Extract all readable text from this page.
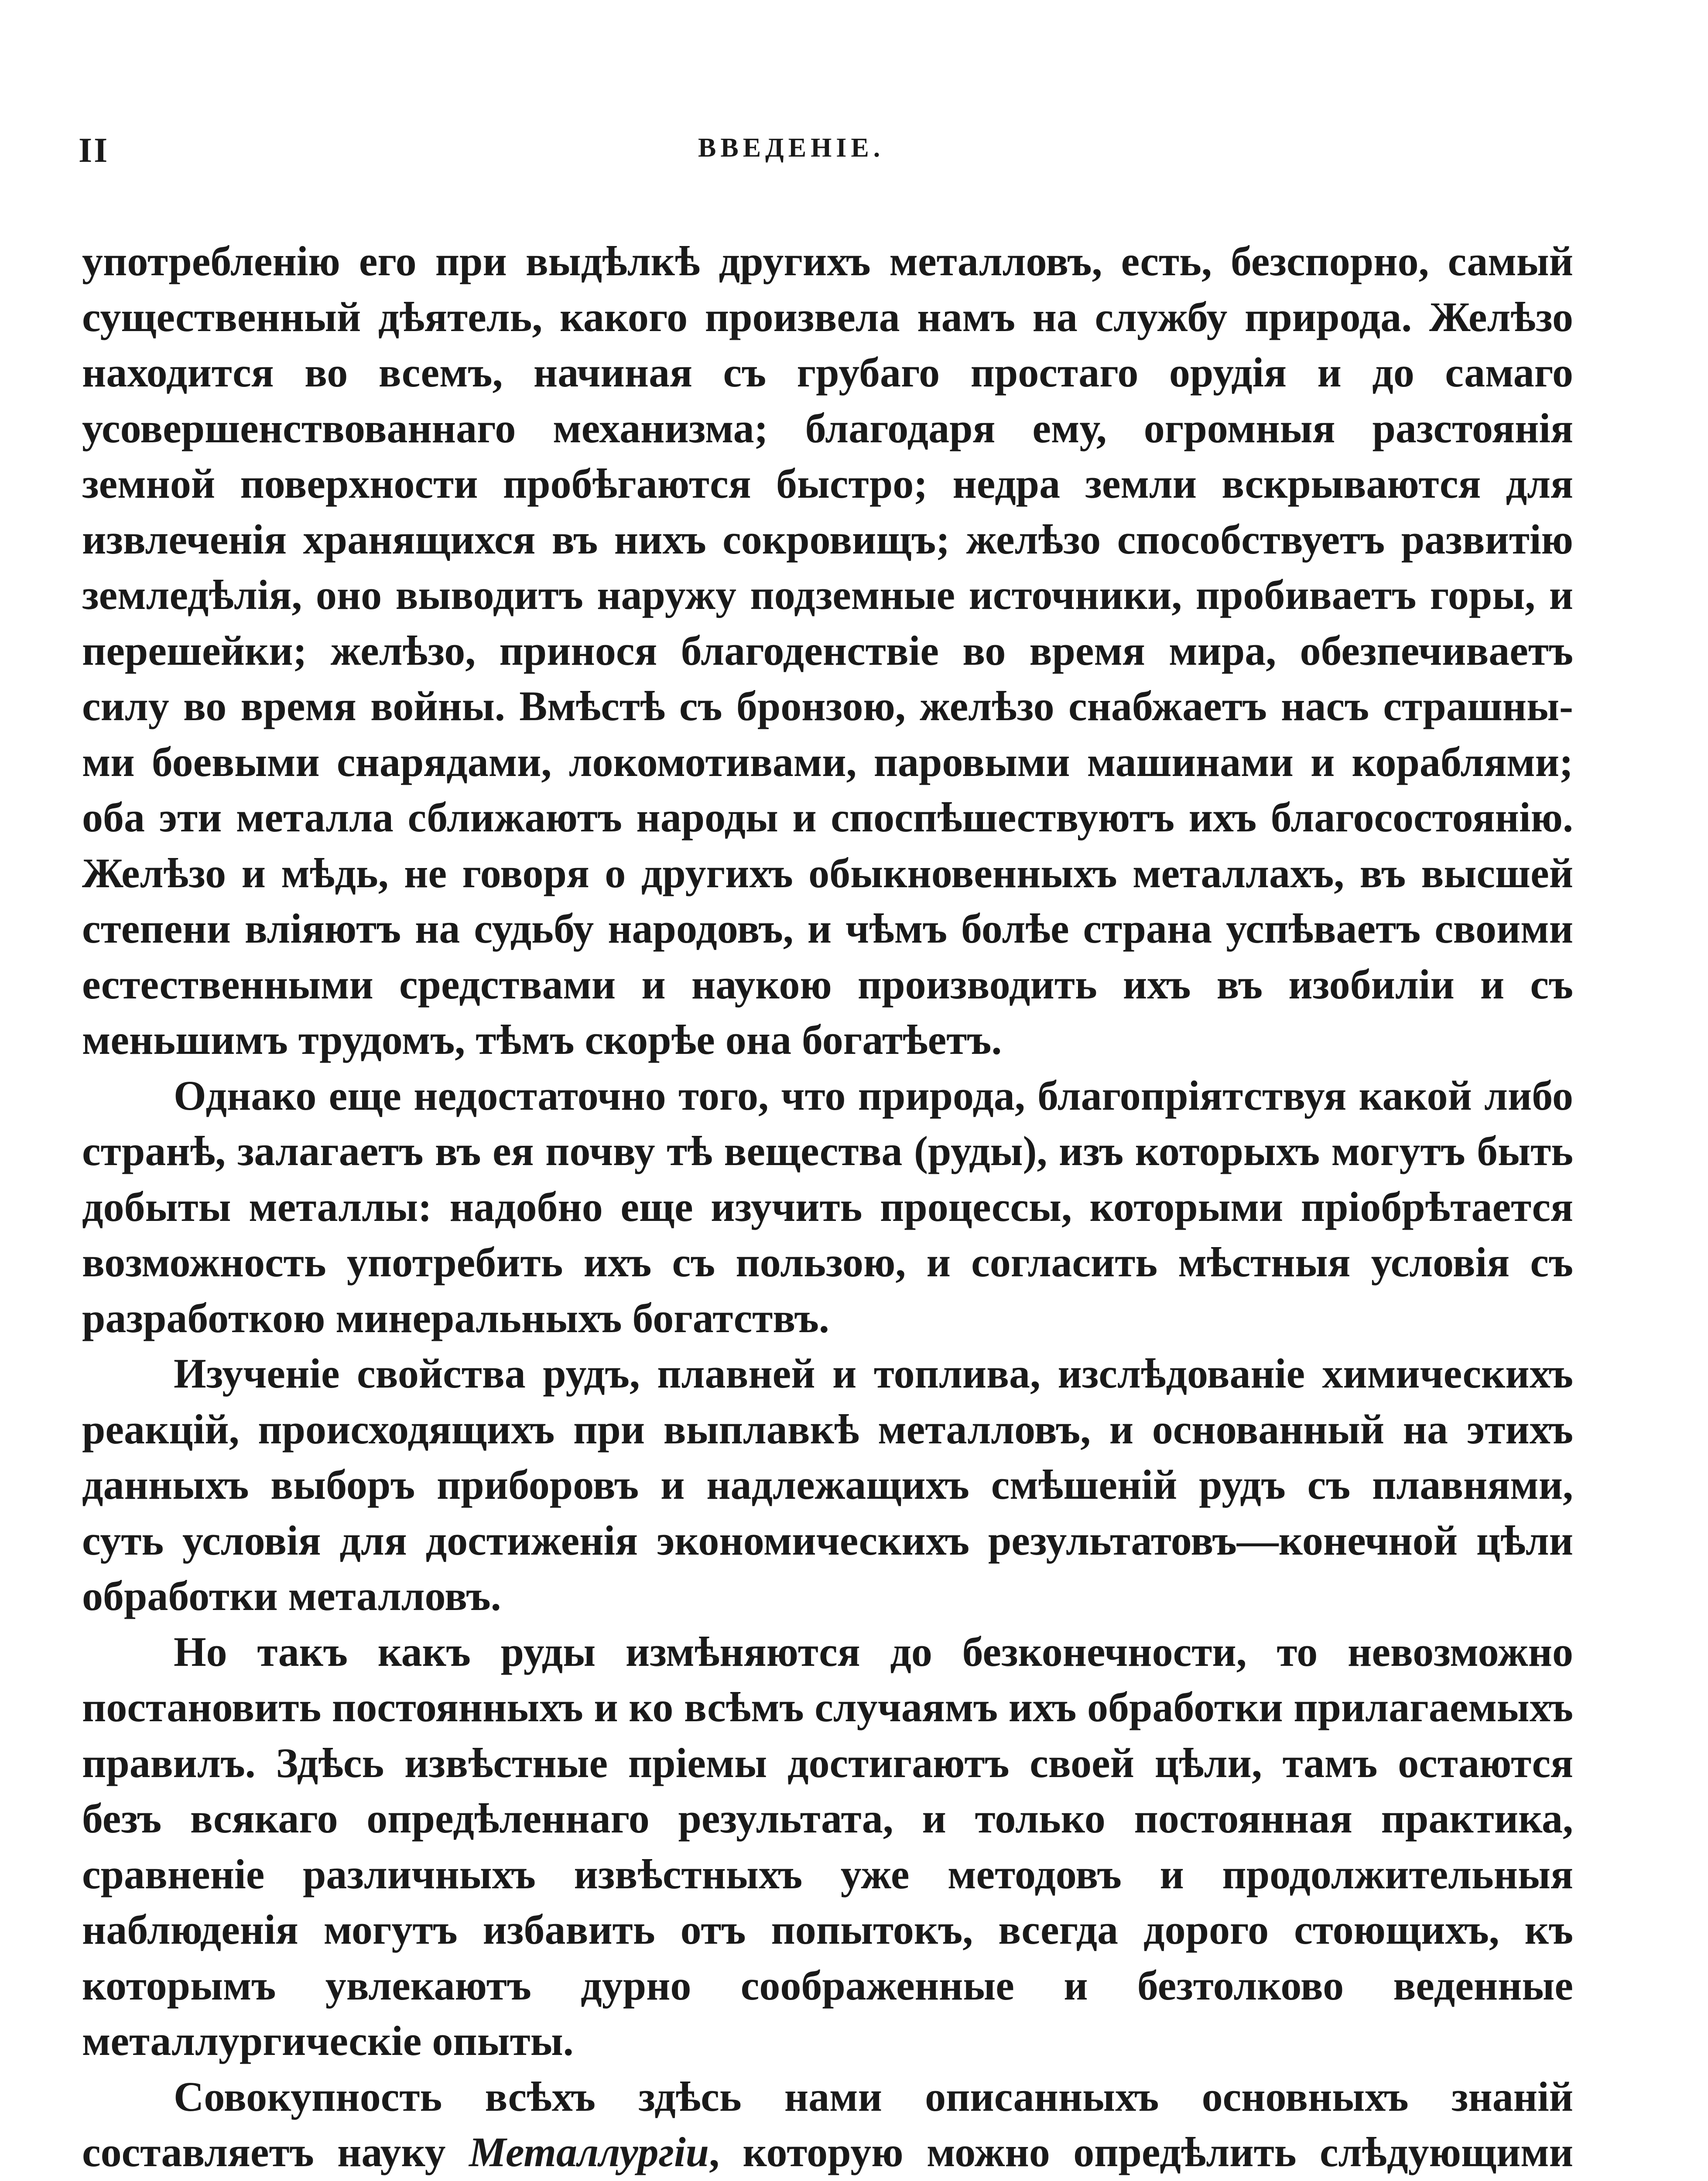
II	ВВЕДЕНІЕ.

употребленію его при выдѣлкѣ другихъ металловъ, есть, безспорно, самый существенный дѣятель, какого произвела намъ на службу природа. Желѣзо находится во всемъ, начиная съ грубаго простаго орудія и до самаго усовершенствованнаго механизма; благодаря ему, огромныя разстоянія земной поверхности пробѣгаются быстро; недра земли вскрываются для извлеченія хранящихся въ нихъ сокровищъ; желѣзо способствуетъ развитію земледѣлія, оно выводитъ наружу подземные источники, пробиваетъ горы, и перешейки; желѣзо, принося благоденствіе во время мира, обезпечиваетъ силу во время войны. Вмѣстѣ съ бронзою, желѣзо снабжаетъ насъ страшными боевыми снарядами, локомотивами, паровыми машинами и кораблями; оба эти металла сближаютъ народы и споспѣшествуютъ ихъ благосостоянію. Желѣзо и мѣдь, не говоря о другихъ обыкновенныхъ металлахъ, въ высшей степени вліяютъ на судьбу народовъ, и чѣмъ болѣе страна успѣваетъ своими естественными средствами и наукою производить ихъ въ изобиліи и съ меньшимъ трудомъ, тѣмъ скорѣе она богатѣетъ.

Однако еще недостаточно того, что природа, благопріятствуя какой либо странѣ, залагаетъ въ ея почву тѣ вещества (руды), изъ которыхъ могутъ быть добыты металлы: надобно еще изучить процессы, которыми пріобрѣтается возможность употребить ихъ съ пользою, и согласить мѣстныя условія съ разработкою минеральныхъ богатствъ.

Изученіе свойства рудъ, плавней и топлива, изслѣдованіе химическихъ реакцій, происходящихъ при выплавкѣ металловъ, и основанный на этихъ данныхъ выборъ приборовъ и надлежащихъ смѣшеній рудъ съ плавнями, суть условія для достиженія экономическихъ результатовъ—конечной цѣли обработки металловъ.

Но такъ какъ руды измѣняются до безконечности, то невозможно постановить постоянныхъ и ко всѣмъ случаямъ ихъ обработки прилагаемыхъ правилъ. Здѣсь извѣстные пріемы достигаютъ своей цѣли, тамъ остаются безъ всякаго опредѣленнаго результата, и только постоянная практика, сравненіе различныхъ извѣстныхъ уже методовъ и продолжительныя наблюденія могутъ избавить отъ попытокъ, всегда дорого стоющихъ, къ которымъ увлекаютъ дурно соображенные и безтолково веденные металлургическіе опыты.

Совокупность всѣхъ здѣсь нами описанныхъ основныхъ знаній составляетъ науку Металлургіи, которую можно опредѣлить слѣдующими
